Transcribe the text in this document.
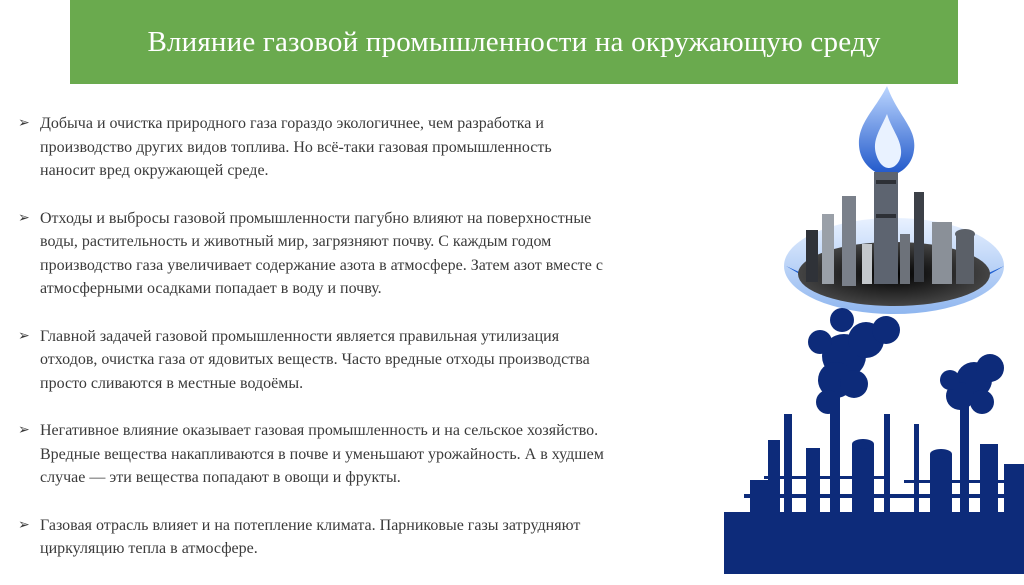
Влияние газовой промышленности на окружающую среду
➢ Добыча и очистка природного газа гораздо экологичнее, чем разработка и
производство других видов топлива. Но всё-таки газовая промышленность
наносит вред окружающей среде.
➢ Отходы и выбросы газовой промышленности пагубно влияют на поверхностные
воды, растительность и животный мир, загрязняют почву. С каждым годом
производство газа увеличивает содержание азота в атмосфере. Затем азот вместе с
атмосферными осадками попадает в воду и почву.
➢ Главной задачей газовой промышленности является правильная утилизация
отходов, очистка газа от ядовитых веществ. Часто вредные отходы производства
просто сливаются в местные водоёмы.
➢ Негативное влияние оказывает газовая промышленность и на сельское хозяйство.
Вредные вещества накапливаются в почве и уменьшают урожайность. А в худшем
случае — эти вещества попадают в овощи и фрукты.
➢ Газовая отрасль влияет и на потепление климата. Парниковые газы затрудняют
циркуляцию тепла в атмосфере.
